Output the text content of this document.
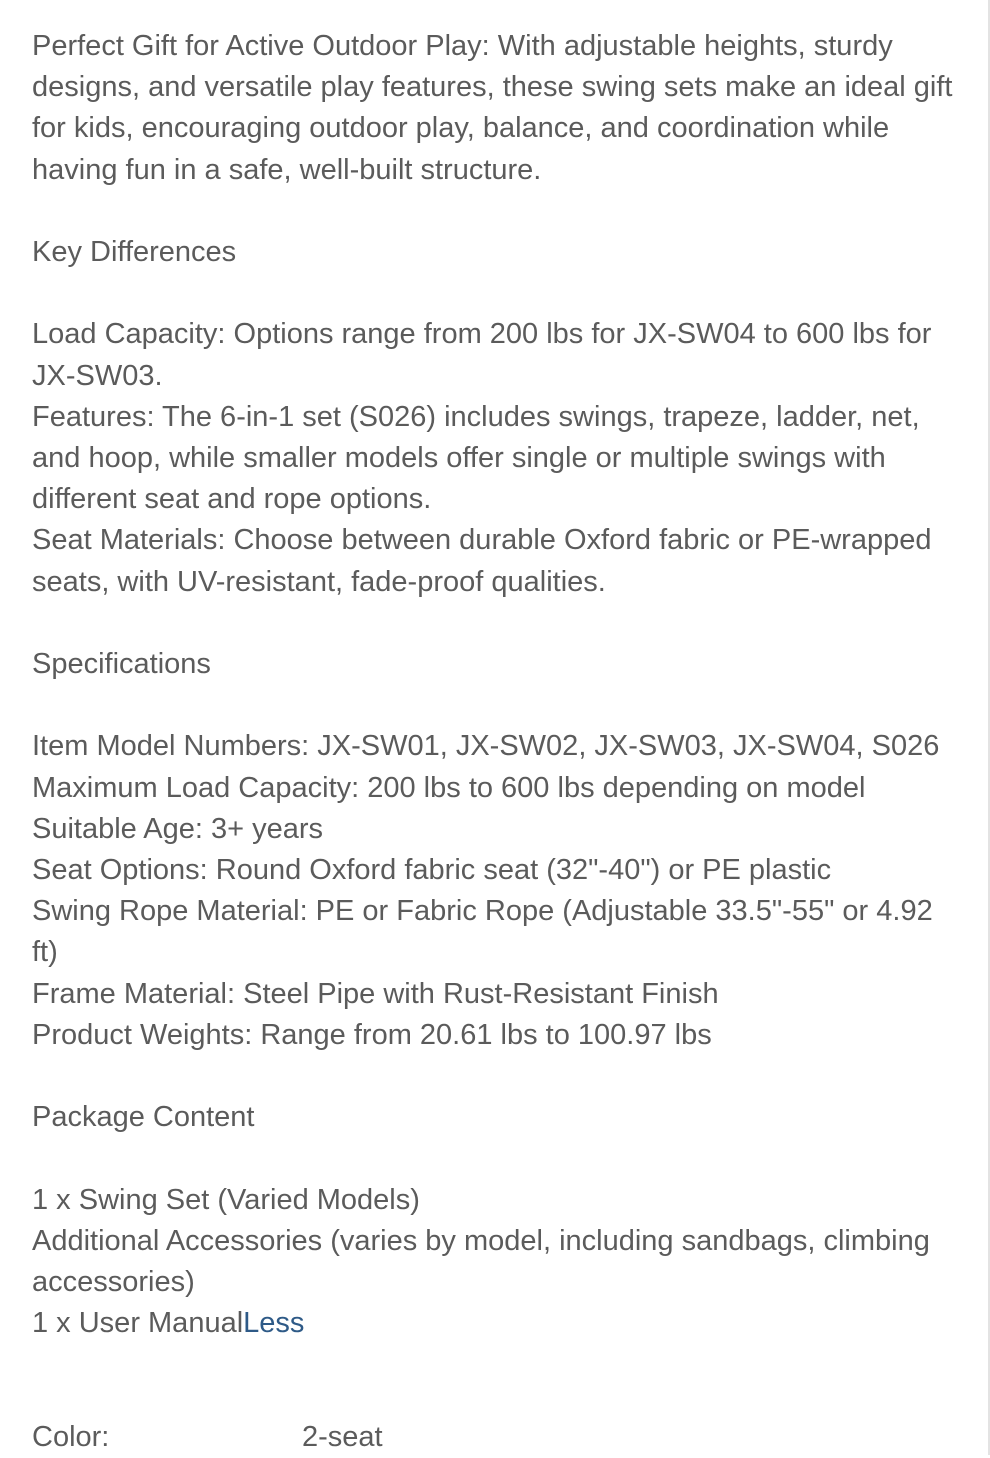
Perfect Gift for Active Outdoor Play: With adjustable heights, sturdy designs, and versatile play features, these swing sets make an ideal gift for kids, encouraging outdoor play, balance, and coordination while having fun in a safe, well-built structure.

Key Differences

Load Capacity: Options range from 200 lbs for JX-SW04 to 600 lbs for JX-SW03.

Features: The 6-in-1 set (S026) includes swings, trapeze, ladder, net, and hoop, while smaller models offer single or multiple swings with different seat and rope options.

Seat Materials: Choose between durable Oxford fabric or PE-wrapped seats, with UV-resistant, fade-proof qualities.

Specifications

Item Model Numbers: JX-SW01, JX-SW02, JX-SW03, JX-SW04, S026

Maximum Load Capacity: 200 lbs to 600 lbs depending on model

Suitable Age: 3+ years

Seat Options: Round Oxford fabric seat (32"-40") or PE plastic

Swing Rope Material: PE or Fabric Rope (Adjustable 33.5"-55" or 4.92 ft)

Frame Material: Steel Pipe with Rust-Resistant Finish

Product Weights: Range from 20.61 lbs to 100.97 lbs

Package Content

1 x Swing Set (Varied Models)

Additional Accessories (varies by model, including sandbags, climbing accessories)

1 x User ManualLess

Color:	2-seat
